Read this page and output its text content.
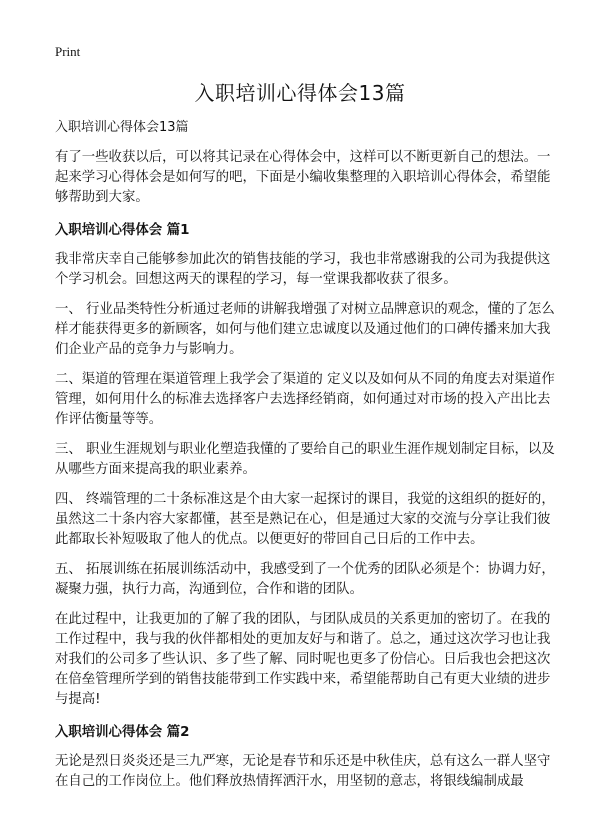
Print
入职培训心得体会13篇

入职培训心得体会13篇

有了一些收获以后，可以将其记录在心得体会中，这样可以不断更新自己的想法。一起来学习心得体会是如何写的吧，下面是小编收集整理的入职培训心得体会，希望能够帮助到大家。

入职培训心得体会 篇1

我非常庆幸自己能够参加此次的销售技能的学习，我也非常感谢我的公司为我提供这个学习机会。回想这两天的课程的学习，每一堂课我都收获了很多。

一、 行业品类特性分析通过老师的讲解我增强了对树立品牌意识的观念，懂的了怎么样才能获得更多的新顾客，如何与他们建立忠诚度以及通过他们的口碑传播来加大我们企业产品的竞争力与影响力。

二、渠道的管理在渠道管理上我学会了渠道的 定义以及如何从不同的角度去对渠道作管理，如何用什么的标准去选择客户去选择经销商，如何通过对市场的投入产出比去作评估衡量等等。

三、 职业生涯规划与职业化塑造我懂的了要给自己的职业生涯作规划制定目标，以及从哪些方面来提高我的职业素养。

四、 终端管理的二十条标准这是个由大家一起探讨的课目，我觉的这组织的挺好的，虽然这二十条内容大家都懂，甚至是熟记在心，但是通过大家的交流与分享让我们彼此都取长补短吸取了他人的优点。以便更好的带回自己日后的工作中去。

五、 拓展训练在拓展训练活动中，我感受到了一个优秀的团队必须是个：协调力好，凝聚力强，执行力高，沟通到位，合作和谐的团队。

在此过程中，让我更加的了解了我的团队，与团队成员的关系更加的密切了。在我的工作过程中，我与我的伙伴都相处的更加友好与和谐了。总之，通过这次学习也让我对我们的公司多了些认识、多了些了解、同时呢也更多了份信心。日后我也会把这次在倍垒管理所学到的销售技能带到工作实践中来，希望能帮助自己有更大业绩的进步与提高!

入职培训心得体会 篇2

无论是烈日炎炎还是三九严寒，无论是春节和乐还是中秋佳庆，总有这么一群人坚守在自己的工作岗位上。他们释放热情挥洒汗水，用坚韧的意志，将银线编制成最
